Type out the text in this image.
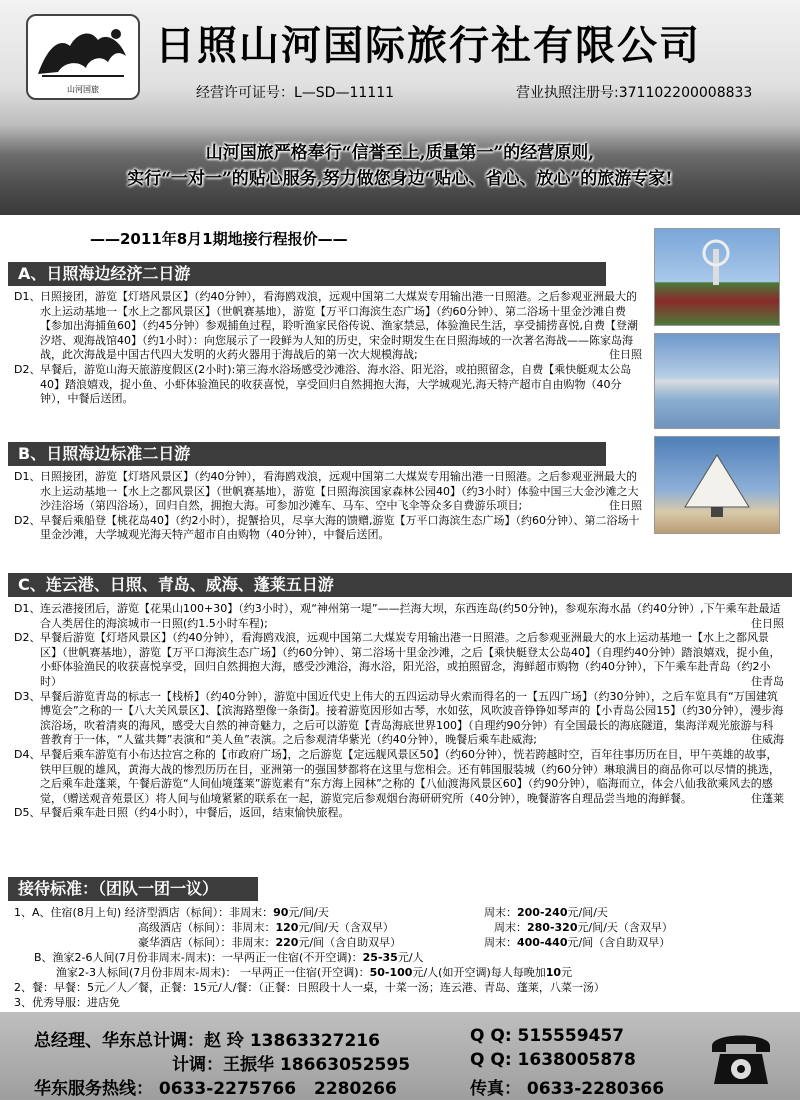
山河国旅
日照山河国际旅行社有限公司
经营许可证号：L—SD—11111	营业执照注册号:371102200008833
山河国旅严格奉行“信誉至上,质量第一”的经营原则,
实行“一对一”的贴心服务,努力做您身边“贴心、省心、放心”的旅游专家!
——2011年8月1期地接行程报价——
A、日照海边经济二日游
D1、 日照接团，游览【灯塔风景区】（约40分钟），看海鸥戏浪，远观中国第二大煤炭专用输出港一日照港。之后参观亚洲最大的水上运动基地一【水上之都风景区】（世帆赛基地），游览【万平口海滨生态广场】（约60分钟）、第二浴场十里金沙滩自费【参加出海捕鱼60】（约45分钟）参观捕鱼过程，聆听渔家民俗传说、渔家禁忌，体验渔民生活，享受捕捞喜悦,自费【登潮汐塔、观海战馆40】（约1小时）：向您展示了一段鲜为人知的历史，宋金时期发生在日照海域的一次著名海战——陈家岛海战，此次海战是中国古代四大发明的火药火器用于海战后的第一次大规模海战;	住日照
D2、 早餐后，游览山海天旅游度假区(2小时):第三海水浴场感受沙滩浴、海水浴、阳光浴，或拍照留念，自费【乘快艇观太公岛40】踏浪嬉戏，捉小鱼、小虾体验渔民的收获喜悦，享受回归自然拥抱大海，大学城观光,海天特产超市自由购物（40分钟），中餐后送团。
B、日照海边标准二日游
D1、 日照接团，游览【灯塔风景区】（约40分钟），看海鸥戏浪，远观中国第二大煤炭专用输出港一日照港。之后参观亚洲最大的水上运动基地一【水上之都风景区】（世帆赛基地），游览【日照海滨国家森林公园40】（约3小时）体验中国三大金沙滩之大沙洼浴场（第四浴场），回归自然，拥抱大海。可参加沙滩车、马车、空中飞伞等众多自费游乐项目;	住日照
D2、 早餐后乘船登【桃花岛40】（约2小时），捉蟹拾贝，尽享大海的馈赠,游览【万平口海滨生态广场】（约60分钟）、第二浴场十里金沙滩，大学城观光海天特产超市自由购物（40分钟），中餐后送团。
C、连云港、日照、青岛、威海、蓬莱五日游
D1、 连云港接团后，游览【花果山100+30】（约3小时），观“神州第一堤”——拦海大坝，东西连岛(约50分钟)，参观东海水晶（约40分钟）,下午乘车赴最适合人类居住的海滨城市一日照(约1.5小时车程);	住日照
D2、 早餐后游览【灯塔风景区】（约40分钟），看海鸥戏浪，远观中国第二大煤炭专用输出港一日照港。之后参观亚洲最大的水上运动基地一【水上之都风景区】（世帆赛基地），游览【万平口海滨生态广场】（约60分钟）、第二浴场十里金沙滩，之后【乘快艇登太公岛40】（自理约40分钟）踏浪嬉戏，捉小鱼，小虾体验渔民的收获喜悦享受，回归自然拥抱大海，感受沙滩浴，海水浴，阳光浴，或拍照留念，海鲜超市购物（约40分钟），下午乘车赴青岛（约2小时）	住青岛
D3、 早餐后游览青岛的标志一【栈桥】（约40分钟），游览中国近代史上伟大的五四运动导火索而得名的一【五四广场】（约30分钟），之后车览具有“万国建筑博览会”之称的一【八大关风景区】、【滨海路塑像一条街】。接着游览因形如古琴，水如弦，风吹波音铮铮如琴声的【小青岛公园15】（约30分钟），漫步海滨浴场，吹着清爽的海风，感受大自然的神奇魅力，之后可以游览【青岛海底世界100】（自理约90分钟）有全国最长的海底隧道，集海洋观光旅游与科普教育于一体，“人鲨共舞”表演和“美人鱼”表演。之后参观清华紫光（约40分钟），晚餐后乘车赴威海;	住威海
D4、 早餐后乘车游览有小布达拉宫之称的【市政府广场】，之后游览【定远舰风景区50】（约60分钟），恍若跨越时空，百年往事历历在目，甲午英雄的故事，铁甲巨舰的雄风，黄海大战的惨烈历历在目，亚洲第一的强国梦都将在这里与您相会。还有韩国服装城（约60分钟）琳琅满目的商品你可以尽情的挑选，之后乘车赴蓬莱，午餐后游览“人间仙境蓬莱”游览素有“东方海上园林”之称的【八仙渡海风景区60】（约90分钟），临海而立，体会八仙我欲乘风去的感觉，（赠送观音苑景区）将人间与仙境紧紧的联系在一起，游览完后参观烟台海研研究所（40分钟），晚餐游客自理品尝当地的海鲜餐。	住蓬莱
D5、 早餐后乘车赴日照（约4小时），中餐后，返回，结束愉快旅程。
接待标准：（团队一团一议）
1、A、住宿(8月上旬) 经济型酒店（标间）：非周末：90元/间/天	周末：200-240元/间/天
高级酒店（标间）：非周末：120元/间/天（含双早）	周末：280-320元/间/天（含双早）
豪华酒店（标间）：非周末：220元/间（含自助双早）	周末：400-440元/间（含自助双早）
B、渔家2-6人间(7月份非周末-周末)：一早两正一住宿(不开空调)：25-35元/人
渔家2-3人标间(7月份非周末-周末)： 一早两正一住宿(开空调)：50-100元/人(如开空调)每人每晚加10元
2、餐：早餐：5元／人／餐，正餐：15元/人/餐：（正餐：日照段十人一桌，十菜一汤；连云港、青岛、蓬莱，八菜一汤）
3、优秀导服：进店免
总经理、华东总计调：赵 玲 13863327216	Q Q: 515559457
计调：王振华 18663052595	Q Q: 1638005878
华东服务热线： 0633-2275766 2280266	传真： 0633-2280366
